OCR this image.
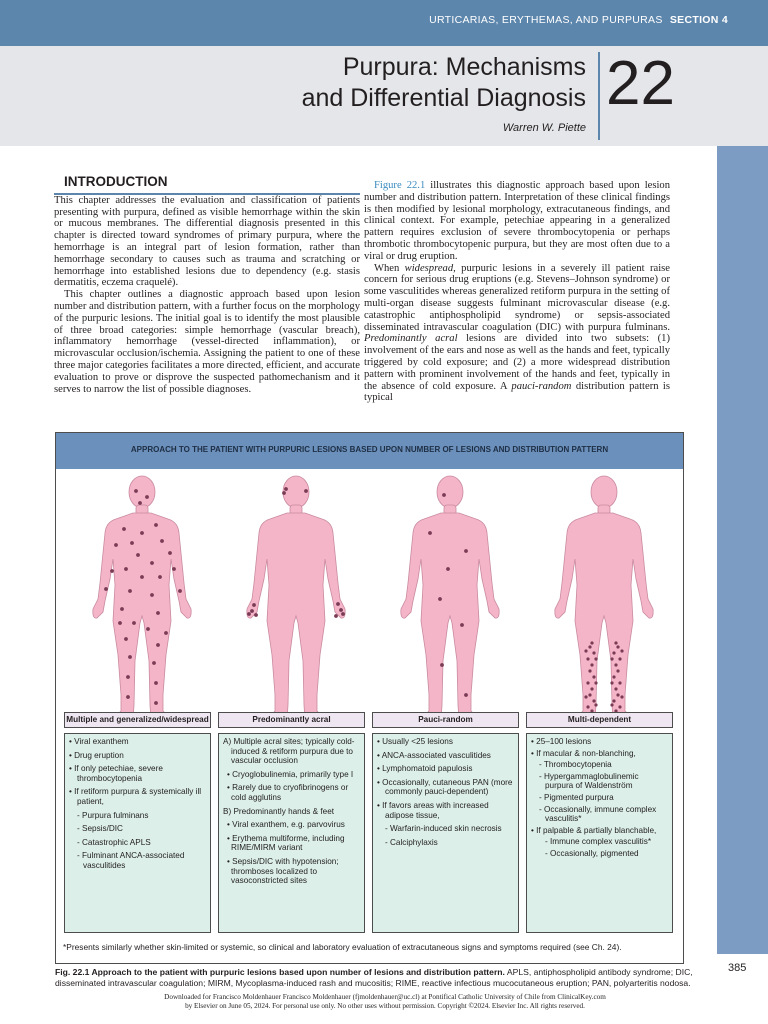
URTICARIAS, ERYTHEMAS, AND PURPURAS SECTION 4
Purpura: Mechanisms
and Differential Diagnosis 22
Warren W. Piette

INTRODUCTION

This chapter addresses the evaluation and classification of patients presenting with purpura, defined as visible hemorrhage within the skin or mucous membranes. The differential diagnosis presented in this chapter is directed toward syndromes of primary purpura, where the hemorrhage is an integral part of lesion formation, rather than hemorrhage secondary to causes such as trauma and scratching or hemorrhage into established lesions due to dependency (e.g. stasis dermatitis, eczema craquelé).

This chapter outlines a diagnostic approach based upon lesion number and distribution pattern, with a further focus on the morphology of the purpuric lesions. The initial goal is to identify the most plausible of three broad categories: simple hemorrhage (vascular breach), inflammatory hemorrhage (vessel-directed inflammation), or microvascular occlusion/ischemia. Assigning the patient to one of these three major categories facilitates a more directed, efficient, and accurate evaluation to prove or disprove the suspected pathomechanism and it serves to narrow the list of possible diagnoses.

Figure 22.1 illustrates this diagnostic approach based upon lesion number and distribution pattern. Interpretation of these clinical findings is then modified by lesional morphology, extracutaneous findings, and clinical context. For example, petechiae appearing in a generalized pattern requires exclusion of severe thrombocytopenia or perhaps thrombotic thrombocytopenic purpura, but they are most often due to a viral or drug eruption.

When widespread, purpuric lesions in a severely ill patient raise concern for serious drug eruptions (e.g. Stevens–Johnson syndrome) or some vasculitides whereas generalized retiform purpura in the setting of multi-organ disease suggests fulminant microvascular disease (e.g. catastrophic antiphospholipid syndrome) or sepsis-associated disseminated intravascular coagulation (DIC) with purpura fulminans. Predominantly acral lesions are divided into two subsets: (1) involvement of the ears and nose as well as the hands and feet, typically triggered by cold exposure; and (2) a more widespread distribution pattern with prominent involvement of the hands and feet, typically in the absence of cold exposure. A pauci-random distribution pattern is typical

APPROACH TO THE PATIENT WITH PURPURIC LESIONS BASED UPON NUMBER OF LESIONS AND DISTRIBUTION PATTERN
Multiple and generalized/widespread	Predominantly acral	Pauci-random	Multi-dependent
• Viral exanthem
• Drug eruption
• If only petechiae, severe thrombocytopenia
• If retiform purpura & systemically ill patient,
- Purpura fulminans
- Sepsis/DIC
- Catastrophic APLS
- Fulminant ANCA-associated vasculitides
A) Multiple acral sites; typically cold-induced & retiform purpura due to vascular occlusion
• Cryoglobulinemia, primarily type I
• Rarely due to cryofibrinogens or cold agglutins
B) Predominantly hands & feet
• Viral exanthem, e.g. parvovirus
• Erythema multiforme, including RIME/MIRM variant
• Sepsis/DIC with hypotension; thromboses localized to vasoconstricted sites
• Usually <25 lesions
• ANCA-associated vasculitides
• Lymphomatoid papulosis
• Occasionally, cutaneous PAN (more commonly pauci-dependent)
• If favors areas with increased adipose tissue,
- Warfarin-induced skin necrosis
- Calciphylaxis
• 25–100 lesions
• If macular & non-blanching,
- Thrombocytopenia
- Hypergammaglobulinemic purpura of Waldenström
- Pigmented purpura
- Occasionally, immune complex vasculitis*
• If palpable & partially blanchable,
- Immune complex vasculitis*
- Occasionally, pigmented
*Presents similarly whether skin-limited or systemic, so clinical and laboratory evaluation of extracutaneous signs and symptoms required (see Ch. 24).
Fig. 22.1 Approach to the patient with purpuric lesions based upon number of lesions and distribution pattern. APLS, antiphospholipid antibody syndrome; DIC, disseminated intravascular coagulation; MIRM, Mycoplasma-induced rash and mucositis; RIME, reactive infectious mucocutaneous eruption; PAN, polyarteritis nodosa.
Downloaded for Francisco Moldenhauer Francisco Moldenhauer (fjmoldenhauer@uc.cl) at Pontifical Catholic University of Chile from ClinicalKey.com by Elsevier on June 05, 2024. For personal use only. No other uses without permission. Copyright ©2024. Elsevier Inc. All rights reserved.
385
